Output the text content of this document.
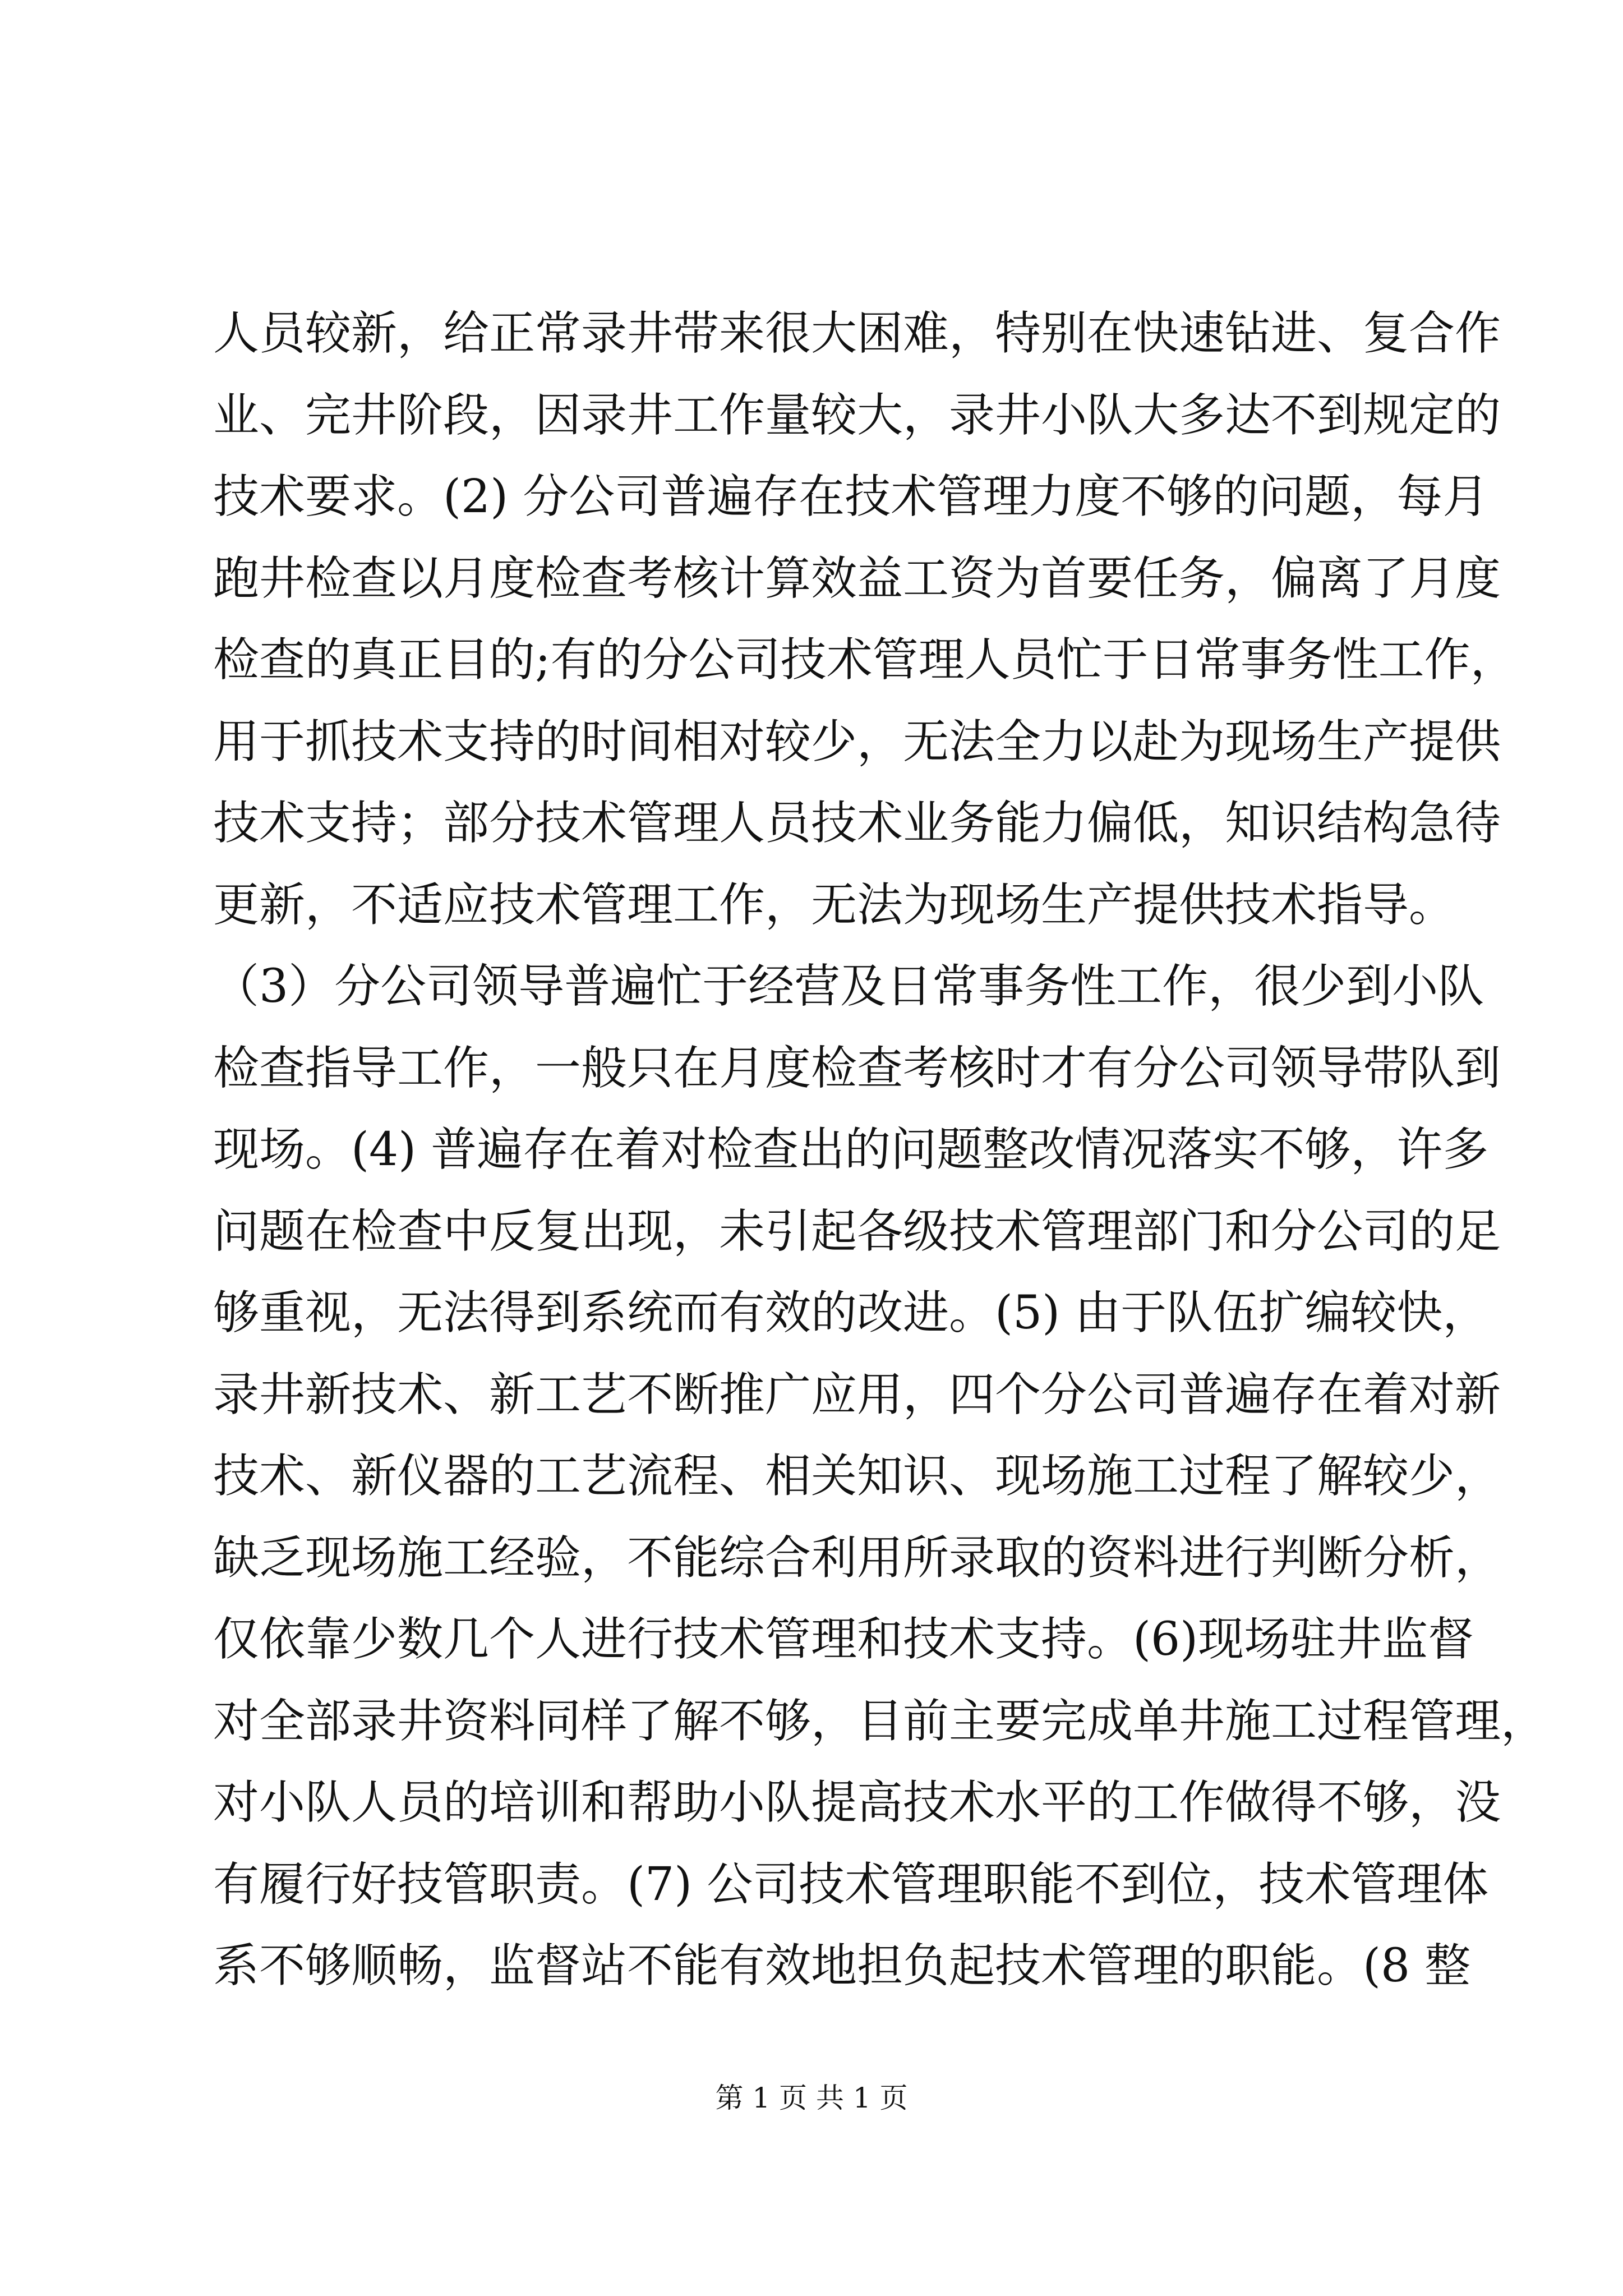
人员较新，给正常录井带来很大困难，特别在快速钻进、复合作
业、完井阶段，因录井工作量较大，录井小队大多达不到规定的
技术要求。(2) 分公司普遍存在技术管理力度不够的问题，每月
跑井检查以月度检查考核计算效益工资为首要任务，偏离了月度
检查的真正目的;有的分公司技术管理人员忙于日常事务性工作，
用于抓技术支持的时间相对较少，无法全力以赴为现场生产提供
技术支持；部分技术管理人员技术业务能力偏低，知识结构急待
更新，不适应技术管理工作，无法为现场生产提供技术指导。
（3）分公司领导普遍忙于经营及日常事务性工作，很少到小队
检查指导工作，一般只在月度检查考核时才有分公司领导带队到
现场。(4) 普遍存在着对检查出的问题整改情况落实不够，许多
问题在检查中反复出现，未引起各级技术管理部门和分公司的足
够重视，无法得到系统而有效的改进。(5) 由于队伍扩编较快，
录井新技术、新工艺不断推广应用，四个分公司普遍存在着对新
技术、新仪器的工艺流程、相关知识、现场施工过程了解较少，
缺乏现场施工经验，不能综合利用所录取的资料进行判断分析，
仅依靠少数几个人进行技术管理和技术支持。(6)现场驻井监督
对全部录井资料同样了解不够，目前主要完成单井施工过程管理，
对小队人员的培训和帮助小队提高技术水平的工作做得不够，没
有履行好技管职责。(7) 公司技术管理职能不到位，技术管理体
系不够顺畅，监督站不能有效地担负起技术管理的职能。(8 整
第 1 页 共 1 页
